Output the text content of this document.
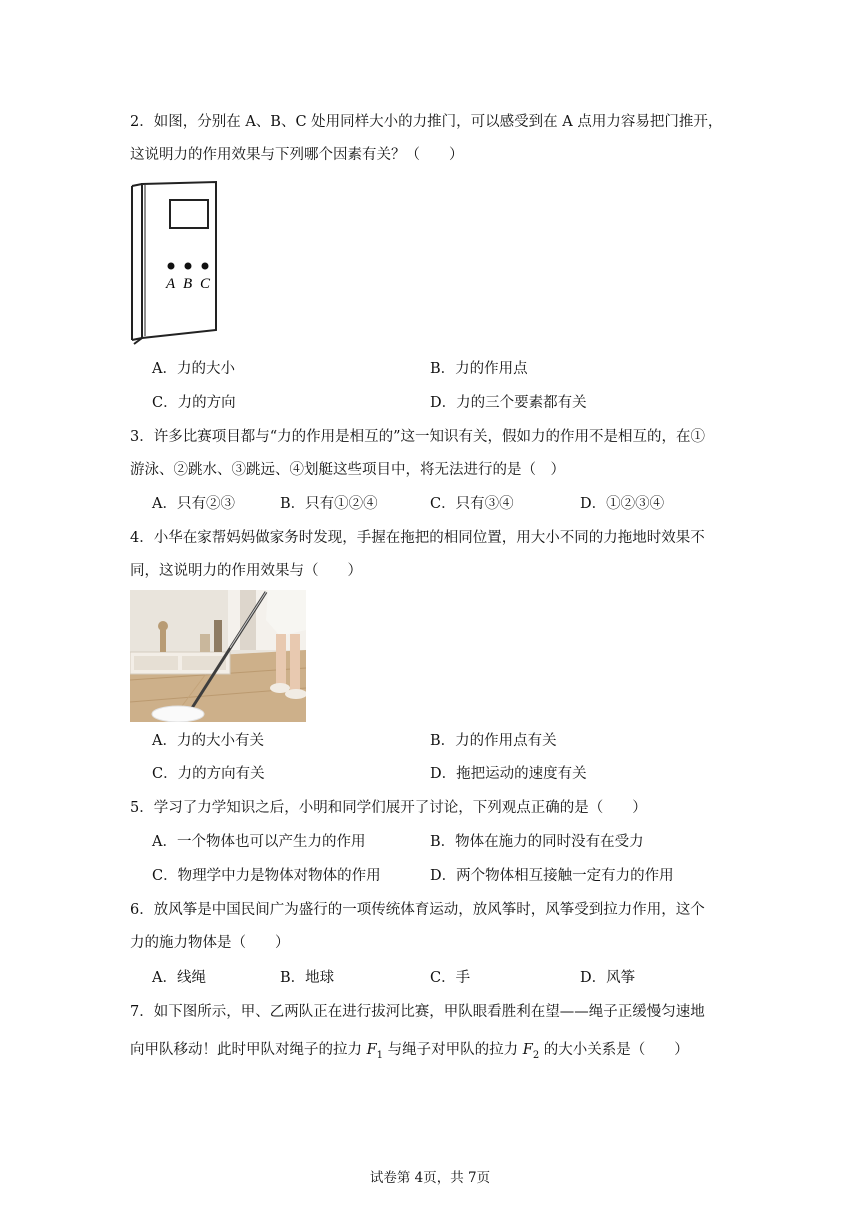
2．如图，分别在 A、B、C 处用同样大小的力推门，可以感受到在 A 点用力容易把门推开，
这说明力的作用效果与下列哪个因素有关？（　　）
A B C
A．力的大小	B．力的作用点
C．力的方向	D．力的三个要素都有关
3．许多比赛项目都与“力的作用是相互的”这一知识有关，假如力的作用不是相互的，在①
游泳、②跳水、③跳远、④划艇这些项目中，将无法进行的是（　）
A．只有②③	B．只有①②④	C．只有③④	D．①②③④
4．小华在家帮妈妈做家务时发现，手握在拖把的相同位置，用大小不同的力拖地时效果不
同，这说明力的作用效果与（　　）
A．力的大小有关	B．力的作用点有关
C．力的方向有关	D．拖把运动的速度有关
5．学习了力学知识之后，小明和同学们展开了讨论，下列观点正确的是（　　）
A．一个物体也可以产生力的作用	B．物体在施力的同时没有在受力
C．物理学中力是物体对物体的作用	D．两个物体相互接触一定有力的作用
6．放风筝是中国民间广为盛行的一项传统体育运动，放风筝时，风筝受到拉力作用，这个
力的施力物体是（　　）
A．线绳	B．地球	C．手	D．风筝
7．如下图所示，甲、乙两队正在进行拔河比赛，甲队眼看胜利在望——绳子正缓慢匀速地
向甲队移动！此时甲队对绳子的拉力 $F_1$ 与绳子对甲队的拉力 $F_2$ 的大小关系是（　　）
试卷第 4页，共 7页
